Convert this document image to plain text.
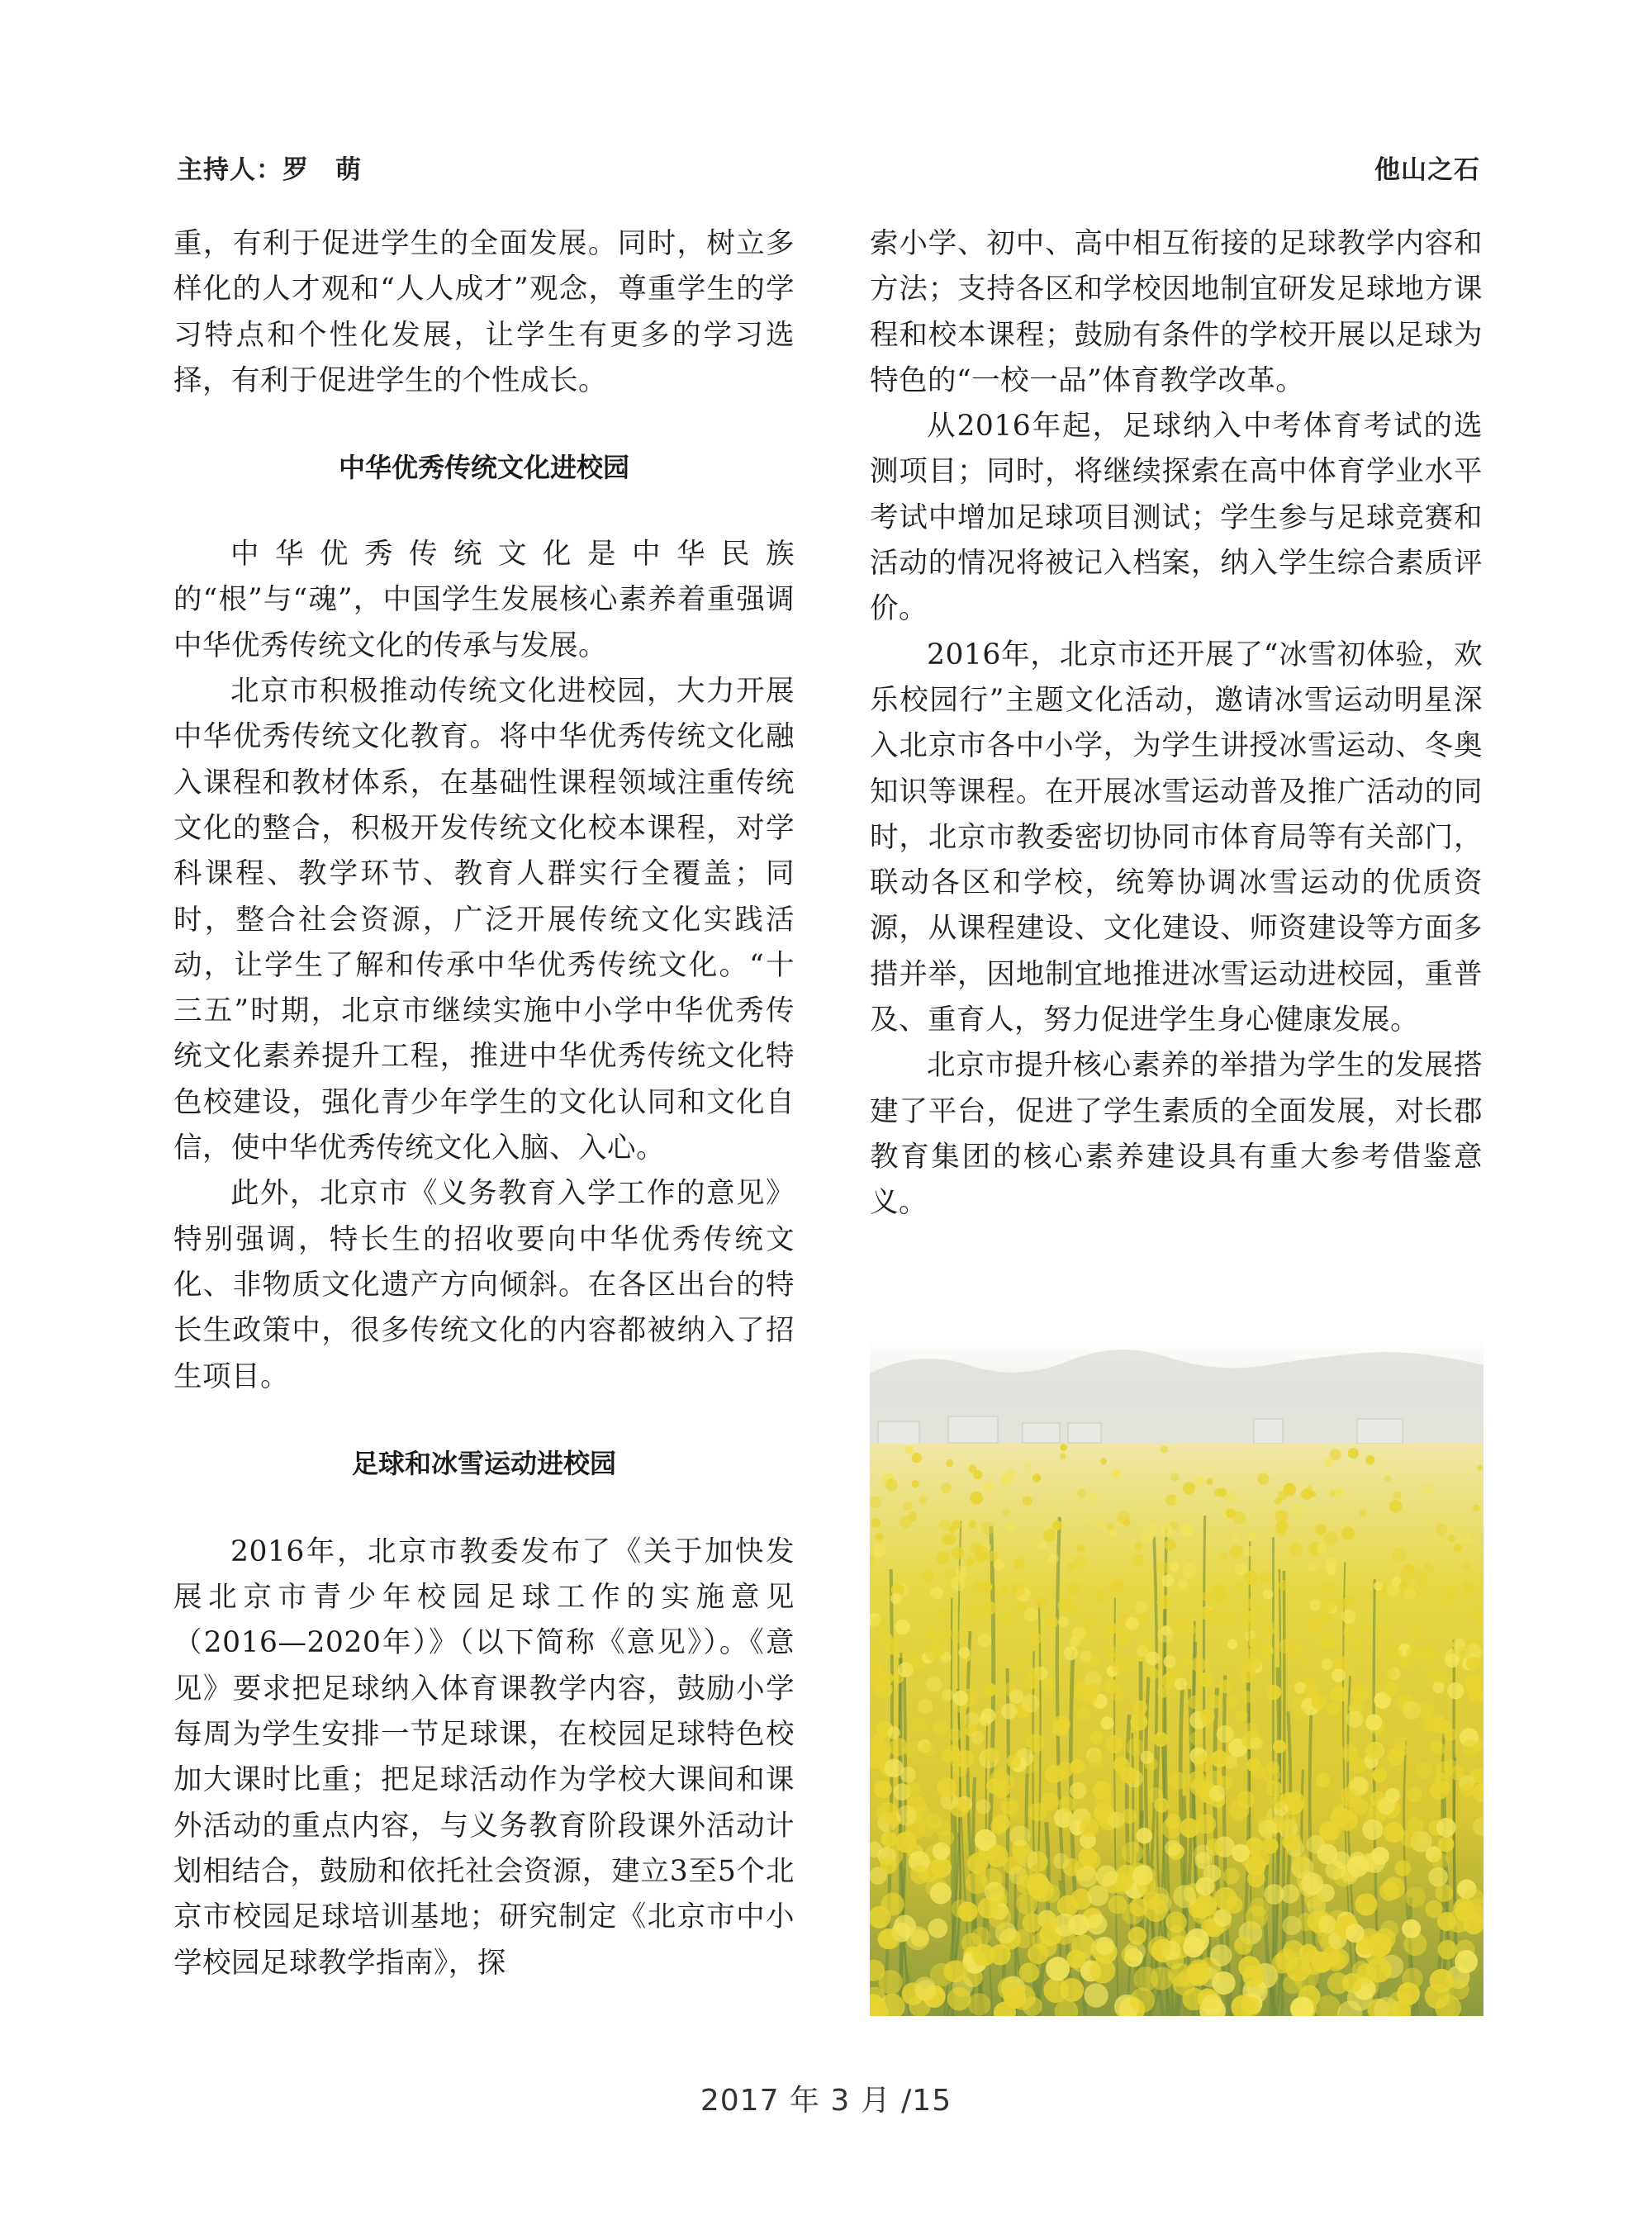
主持人：罗　萌	他山之石

重，有利于促进学生的全面发展。同时，树立多样化的人才观和“人人成才”观念，尊重学生的学习特点和个性化发展，让学生有更多的学习选择，有利于促进学生的个性成长。

中华优秀传统文化进校园

中华优秀传统文化是中华民族的“根”与“魂”，中国学生发展核心素养着重强调中华优秀传统文化的传承与发展。

北京市积极推动传统文化进校园，大力开展中华优秀传统文化教育。将中华优秀传统文化融入课程和教材体系，在基础性课程领域注重传统文化的整合，积极开发传统文化校本课程，对学科课程、教学环节、教育人群实行全覆盖；同时，整合社会资源，广泛开展传统文化实践活动，让学生了解和传承中华优秀传统文化。“十三五”时期，北京市继续实施中小学中华优秀传统文化素养提升工程，推进中华优秀传统文化特色校建设，强化青少年学生的文化认同和文化自信，使中华优秀传统文化入脑、入心。

此外，北京市《义务教育入学工作的意见》特别强调，特长生的招收要向中华优秀传统文化、非物质文化遗产方向倾斜。在各区出台的特长生政策中，很多传统文化的内容都被纳入了招生项目。

足球和冰雪运动进校园

2016年，北京市教委发布了《关于加快发展北京市青少年校园足球工作的实施意见（2016—2020年）》（以下简称《意见》）。《意见》要求把足球纳入体育课教学内容，鼓励小学每周为学生安排一节足球课，在校园足球特色校加大课时比重；把足球活动作为学校大课间和课外活动的重点内容，与义务教育阶段课外活动计划相结合，鼓励和依托社会资源，建立3至5个北京市校园足球培训基地；研究制定《北京市中小学校园足球教学指南》，探

索小学、初中、高中相互衔接的足球教学内容和方法；支持各区和学校因地制宜研发足球地方课程和校本课程；鼓励有条件的学校开展以足球为特色的“一校一品”体育教学改革。

从2016年起，足球纳入中考体育考试的选测项目；同时，将继续探索在高中体育学业水平考试中增加足球项目测试；学生参与足球竞赛和活动的情况将被记入档案，纳入学生综合素质评价。

2016年，北京市还开展了“冰雪初体验，欢乐校园行”主题文化活动，邀请冰雪运动明星深入北京市各中小学，为学生讲授冰雪运动、冬奥知识等课程。在开展冰雪运动普及推广活动的同时，北京市教委密切协同市体育局等有关部门，联动各区和学校，统筹协调冰雪运动的优质资源，从课程建设、文化建设、师资建设等方面多措并举，因地制宜地推进冰雪运动进校园，重普及、重育人，努力促进学生身心健康发展。

北京市提升核心素养的举措为学生的发展搭建了平台，促进了学生素质的全面发展，对长郡教育集团的核心素养建设具有重大参考借鉴意义。

2017 年 3 月 /15
